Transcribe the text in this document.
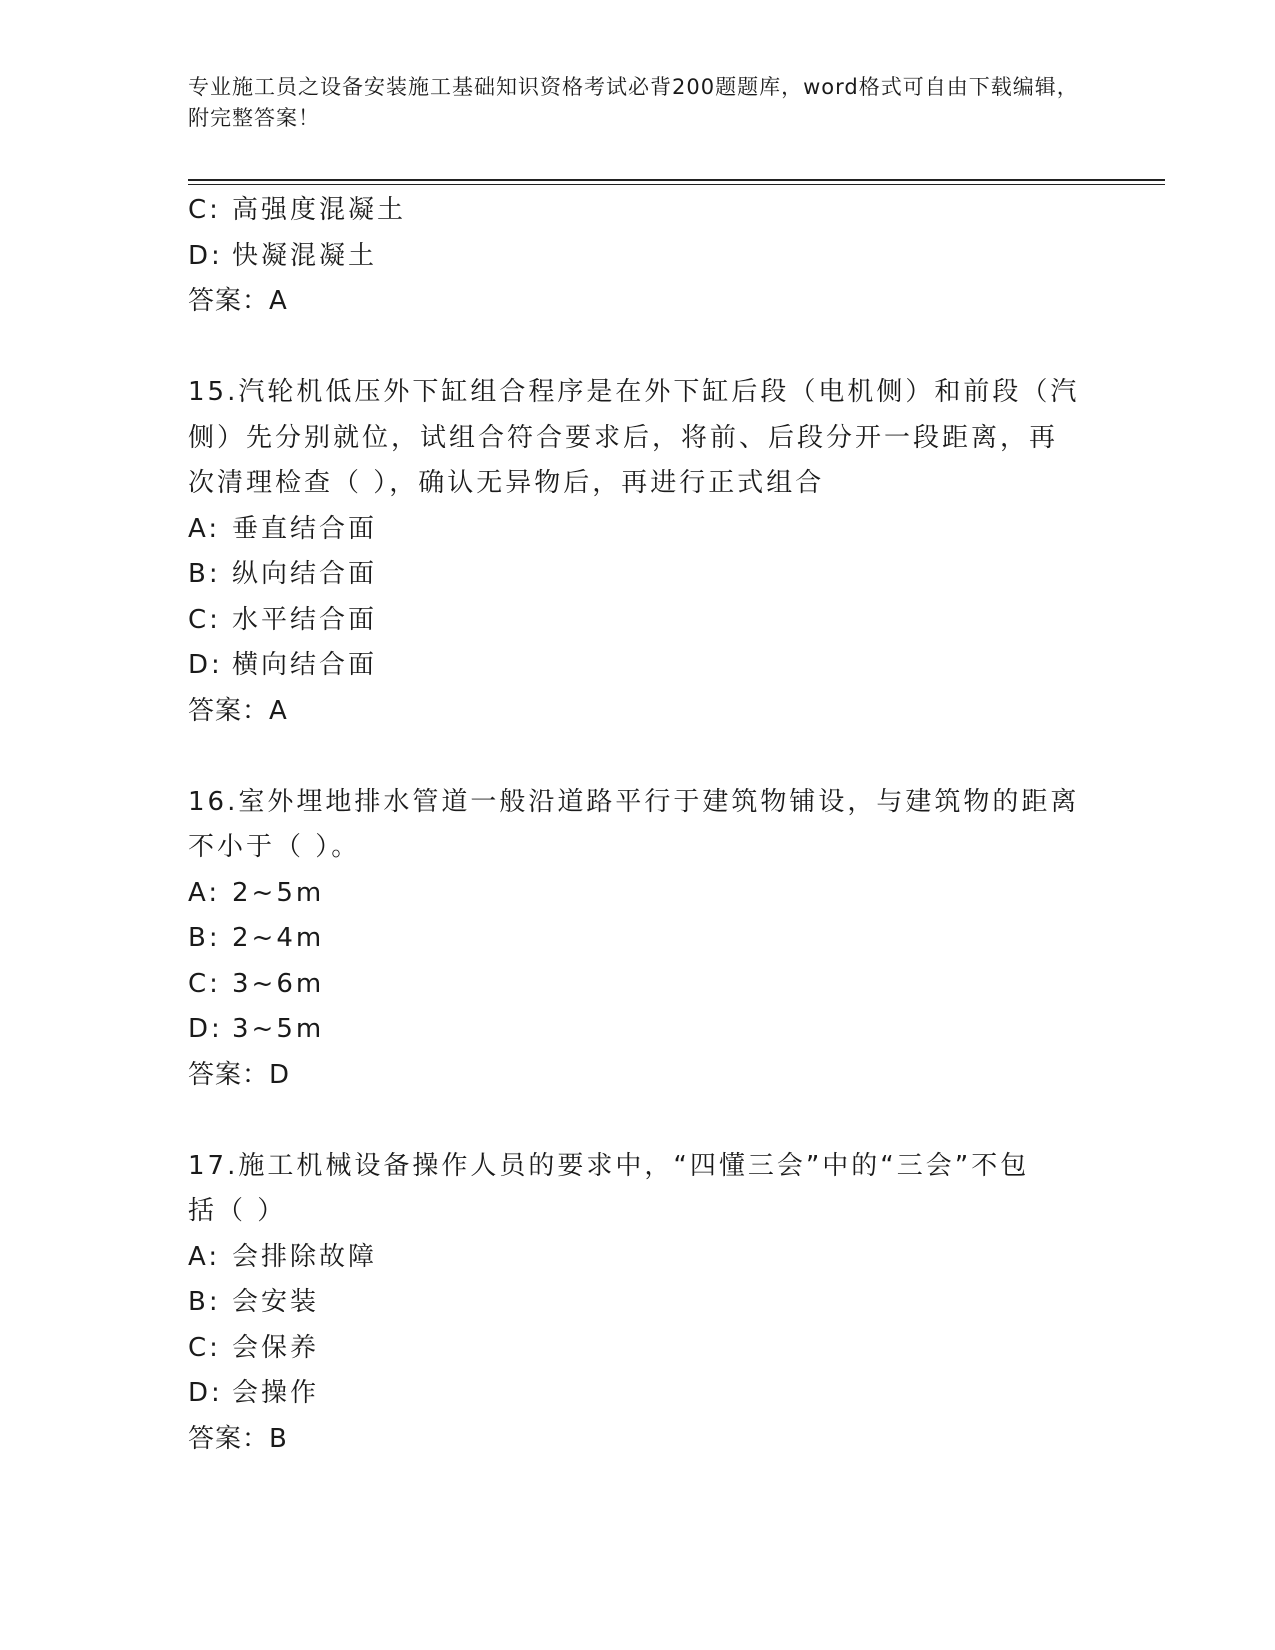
专业施工员之设备安装施工基础知识资格考试必背200题题库，word格式可自由下载编辑，附完整答案！
C: 高强度混凝土
D: 快凝混凝土
答案：A
15.汽轮机低压外下缸组合程序是在外下缸后段（电机侧）和前段（汽
侧）先分别就位，试组合符合要求后，将前、后段分开一段距离，再
次清理检查（ ），确认无异物后，再进行正式组合
A: 垂直结合面
B: 纵向结合面
C: 水平结合面
D: 横向结合面
答案：A
16.室外埋地排水管道一般沿道路平行于建筑物铺设，与建筑物的距离
不小于（ ）。
A: 2~5m
B: 2~4m
C: 3~6m
D: 3~5m
答案：D
17.施工机械设备操作人员的要求中，“四懂三会”中的“三会”不包
括（ ）
A: 会排除故障
B: 会安装
C: 会保养
D: 会操作
答案：B
